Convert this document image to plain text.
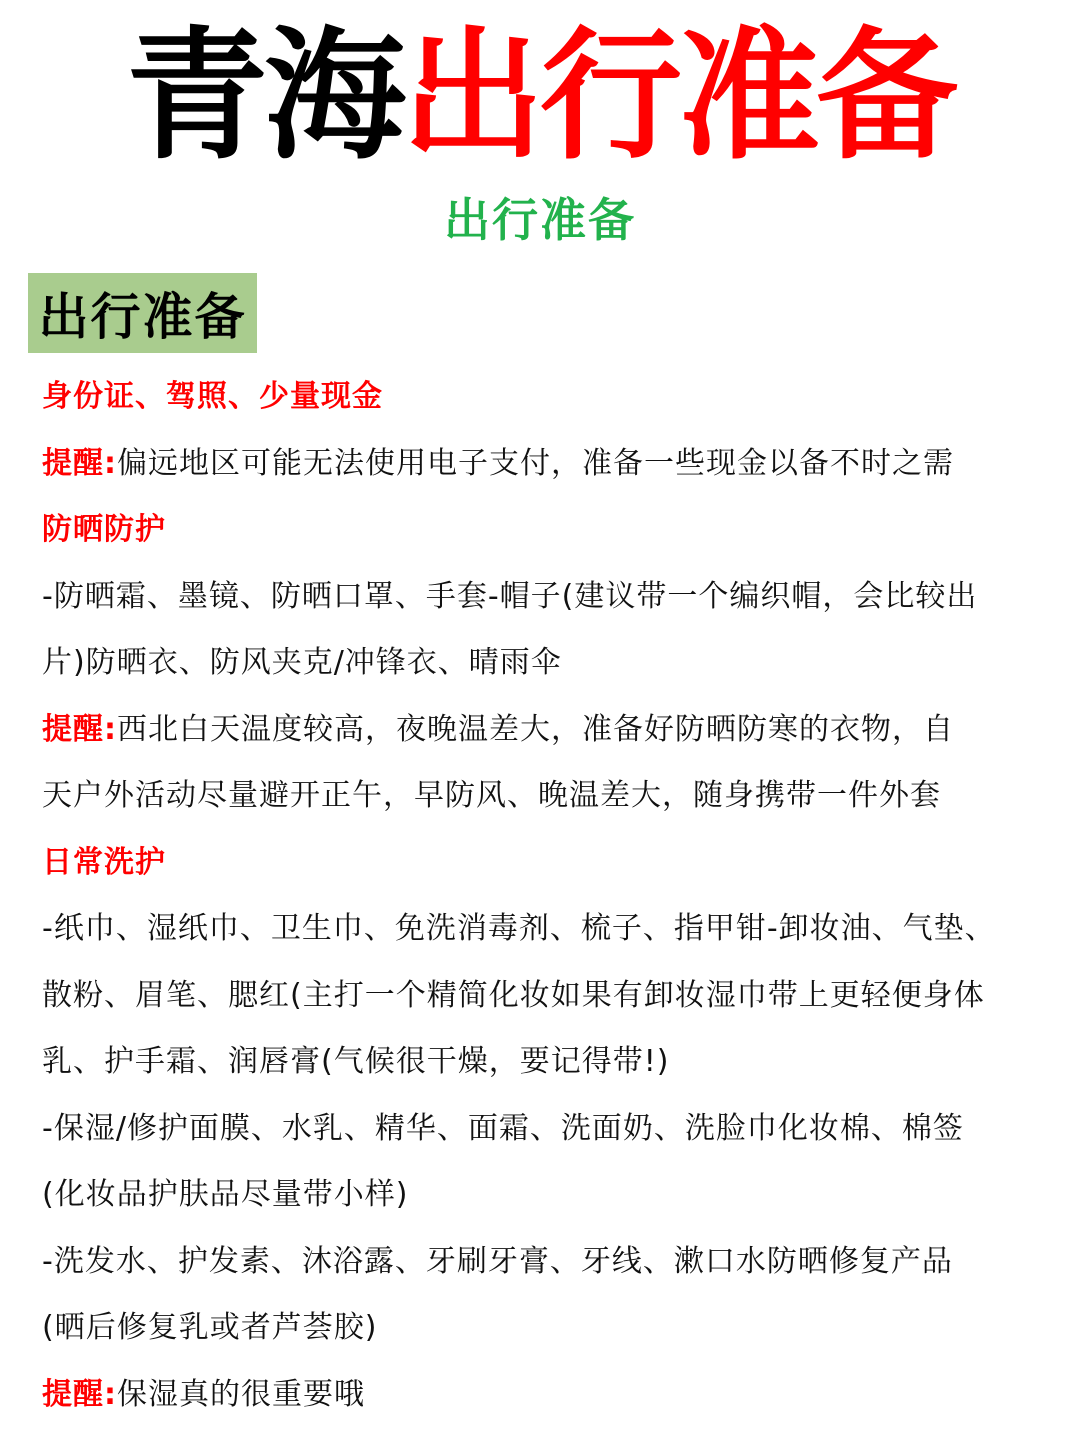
青海出行准备
出行准备
出行准备
身份证、驾照、少量现金
提醒:偏远地区可能无法使用电子支付，准备一些现金以备不时之需
防晒防护
-防晒霜、墨镜、防晒口罩、手套-帽子(建议带一个编织帽，会比较出
片)防晒衣、防风夹克/冲锋衣、晴雨伞
提醒:西北白天温度较高，夜晚温差大，准备好防晒防寒的衣物，自
天户外活动尽量避开正午，早防风、晚温差大，随身携带一件外套
日常洗护
-纸巾、湿纸巾、卫生巾、免洗消毒剂、梳子、指甲钳-卸妆油、气垫、
散粉、眉笔、腮红(主打一个精简化妆如果有卸妆湿巾带上更轻便身体
乳、护手霜、润唇膏(气候很干燥，要记得带!)
-保湿/修护面膜、水乳、精华、面霜、洗面奶、洗脸巾化妆棉、棉签
(化妆品护肤品尽量带小样)
-洗发水、护发素、沐浴露、牙刷牙膏、牙线、漱口水防晒修复产品
(晒后修复乳或者芦荟胶)
提醒:保湿真的很重要哦
